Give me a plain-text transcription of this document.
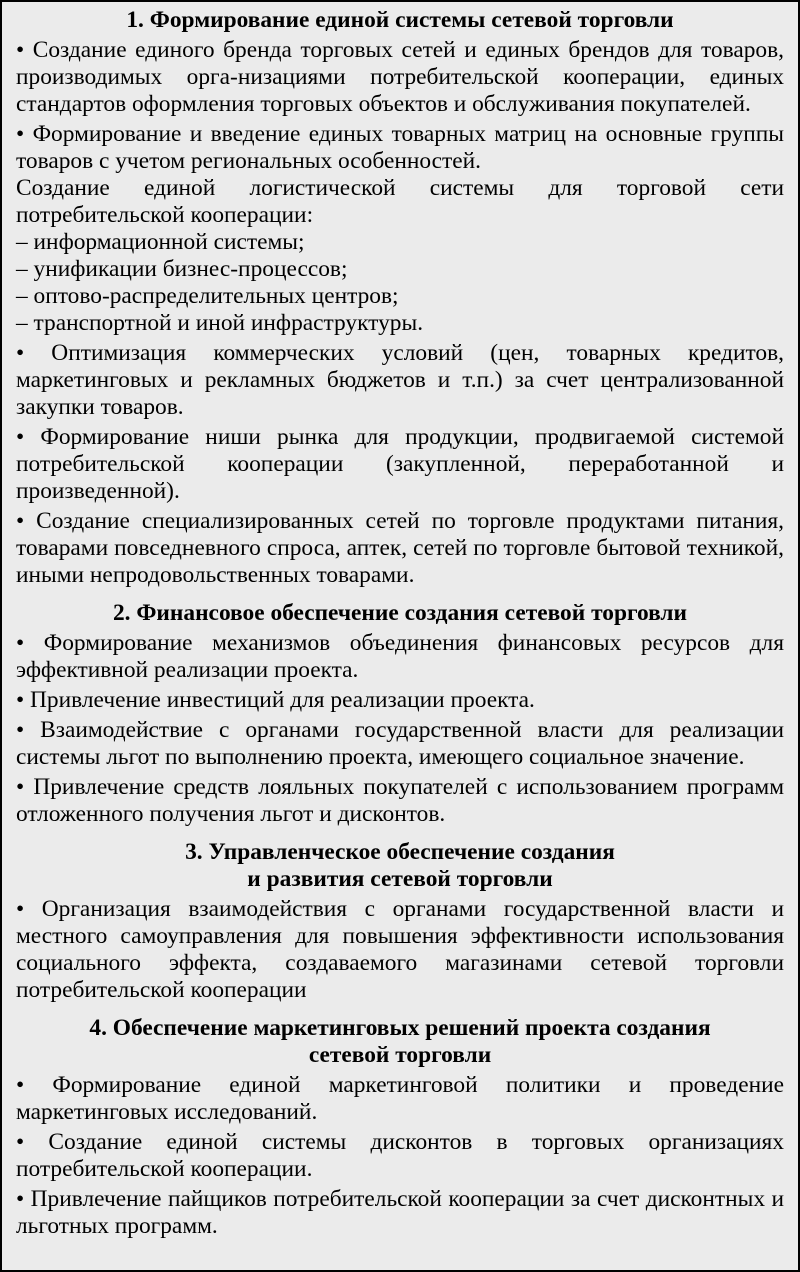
1. Формирование единой системы сетевой торговли

• Создание единого бренда торговых сетей и единых брендов для товаров, производимых орга-низациями потребительской кооперации, единых стандартов оформления торговых объектов и обслуживания покупателей.

• Формирование и введение единых товарных матриц на основные группы товаров с учетом региональных особенностей.

Создание единой логистической системы для торговой сети потребительской кооперации:

– информационной системы;

– унификации бизнес-процессов;

– оптово-распределительных центров;

– транспортной и иной инфраструктуры.

• Оптимизация коммерческих условий (цен, товарных кредитов, маркетинговых и рекламных бюджетов и т.п.) за счет централизованной закупки товаров.

• Формирование ниши рынка для продукции, продвигаемой системой потребительской кооперации (закупленной, переработанной и произведенной).

• Создание специализированных сетей по торговле продуктами питания, товарами повседневного спроса, аптек, сетей по торговле бытовой техникой, иными непродовольственных товарами.

2. Финансовое обеспечение создания сетевой торговли

• Формирование механизмов объединения финансовых ресурсов для эффективной реализации проекта.

• Привлечение инвестиций для реализации проекта.

• Взаимодействие с органами государственной власти для реализации системы льгот по выполнению проекта, имеющего социальное значение.

• Привлечение средств лояльных покупателей с использованием программ отложенного получения льгот и дисконтов.

3. Управленческое обеспечение создания
и развития сетевой торговли

• Организация взаимодействия с органами государственной власти и местного самоуправления для повышения эффективности использования социального эффекта, создаваемого магазинами сетевой торговли потребительской кооперации

4. Обеспечение маркетинговых решений проекта создания
сетевой торговли

• Формирование единой маркетинговой политики и проведение маркетинговых исследований.

• Создание единой системы дисконтов в торговых организациях потребительской кооперации.

• Привлечение пайщиков потребительской кооперации за счет дисконтных и льготных программ.
